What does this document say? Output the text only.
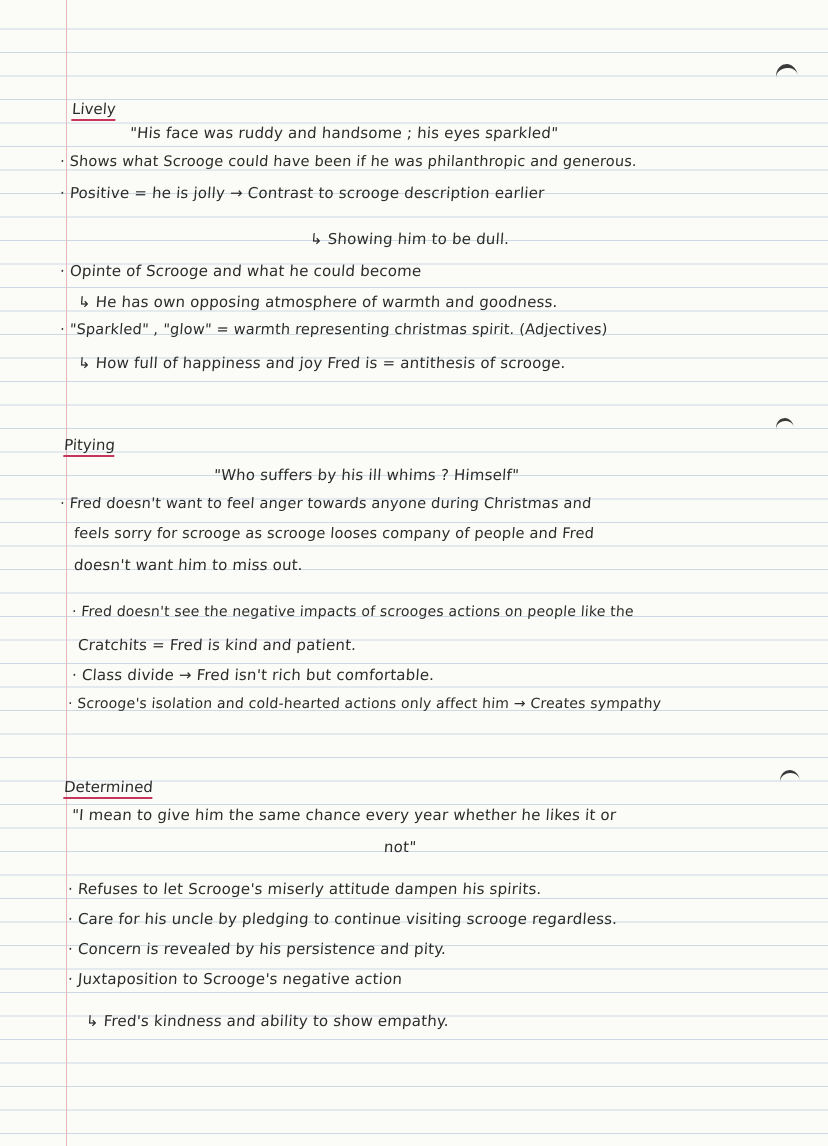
Lively
"His face was ruddy and handsome ; his eyes sparkled"
· Shows what Scrooge could have been if he was philanthropic and generous.
· Positive = he is jolly → Contrast to scrooge description earlier
↳ Showing him to be dull.
· Opinte of Scrooge and what he could become
↳ He has own opposing atmosphere of warmth and goodness.
· "Sparkled" , "glow" = warmth representing christmas spirit. (Adjectives)
↳ How full of happiness and joy Fred is = antithesis of scrooge.
Pitying
"Who suffers by his ill whims ? Himself"
· Fred doesn't want to feel anger towards anyone during Christmas and
feels sorry for scrooge as scrooge looses company of people and Fred
doesn't want him to miss out.
· Fred doesn't see the negative impacts of scrooges actions on people like the
Cratchits = Fred is kind and patient.
· Class divide → Fred isn't rich but comfortable.
· Scrooge's isolation and cold-hearted actions only affect him → Creates sympathy
Determined
"I mean to give him the same chance every year whether he likes it or
not"
· Refuses to let Scrooge's miserly attitude dampen his spirits.
· Care for his uncle by pledging to continue visiting scrooge regardless.
· Concern is revealed by his persistence and pity.
· Juxtaposition to Scrooge's negative action
↳ Fred's kindness and ability to show empathy.
